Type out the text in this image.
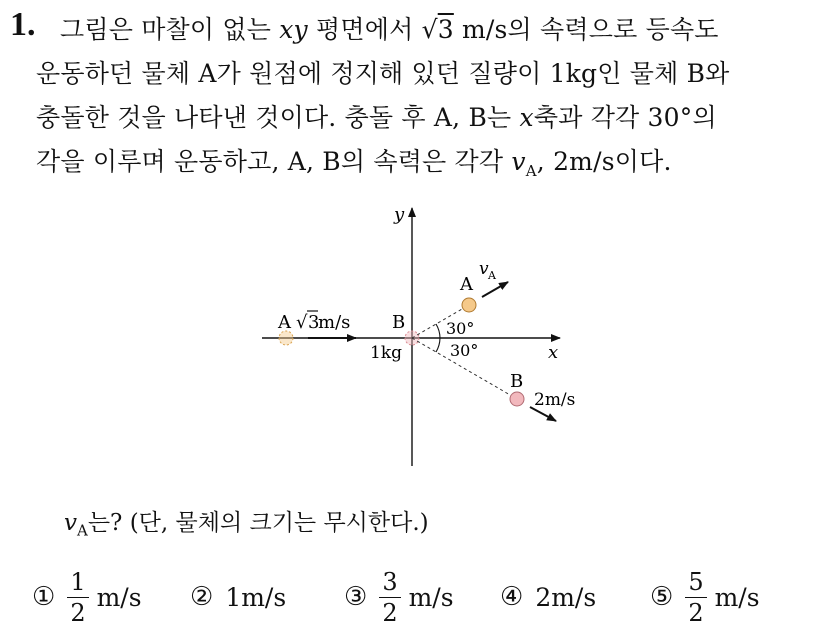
1. 그림은 마찰이 없는 xy 평면에서 √3 m/s의 속력으로 등속도
운동하던 물체 A가 원점에 정지해 있던 질량이 1kg인 물체 B와
충돌한 것을 나타낸 것이다. 충돌 후 A, B는 x축과 각각 30°의
각을 이루며 운동하고, A, B의 속력은 각각 $v_A$, 2m/s이다.
y
x
A √ 3
m/s B
1kg
30°
30°
A
v A
B
2m/s
$v_A$는? (단, 물체의 크기는 무시한다.)
① $\frac{1}{2} m/s$ ② 1m/s ③ $\frac{3}{2} m/s$ ④ 2m/s ⑤ $\frac{5}{2} m/s$
